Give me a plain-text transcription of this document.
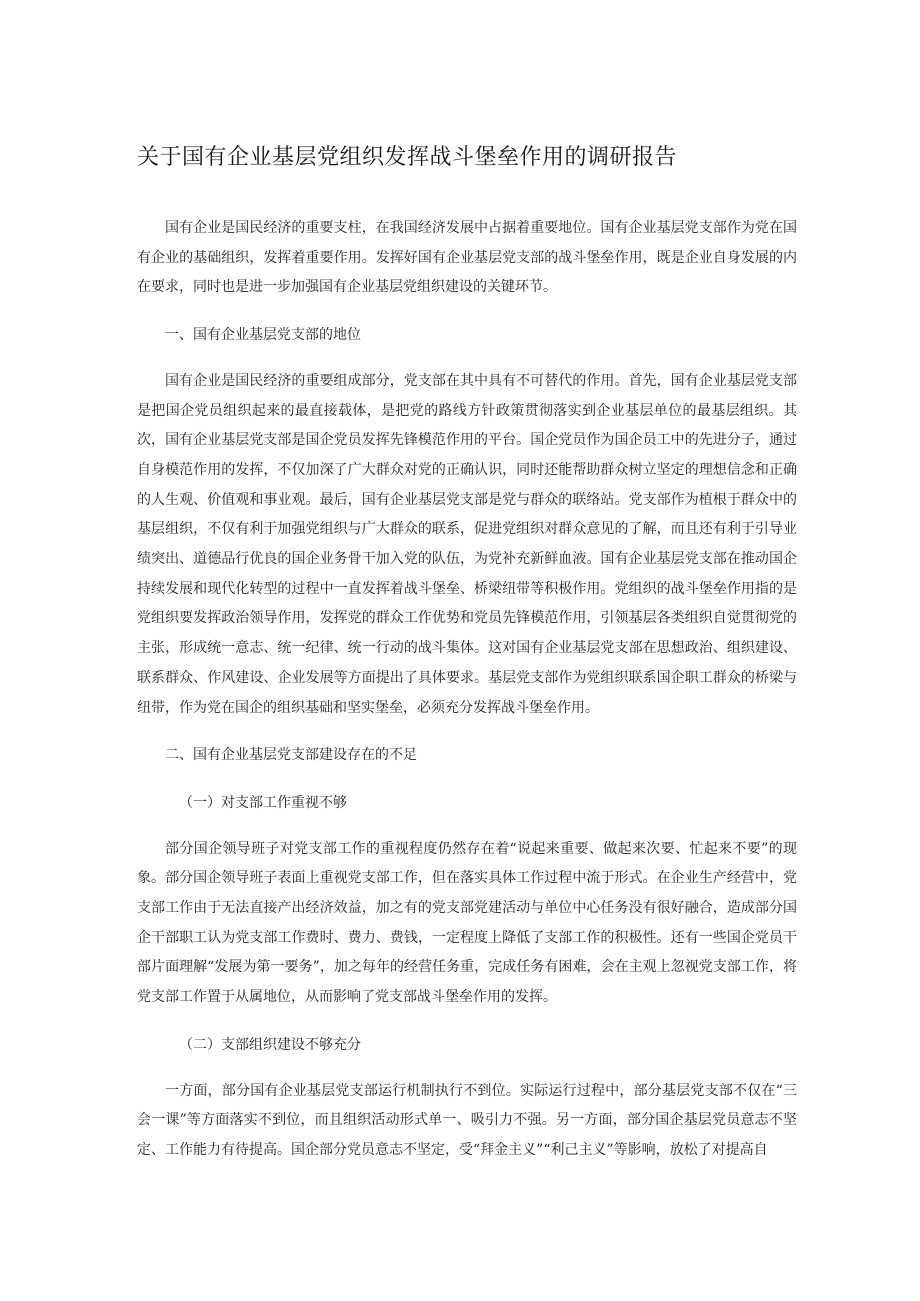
关于国有企业基层党组织发挥战斗堡垒作用的调研报告

国有企业是国民经济的重要支柱，在我国经济发展中占据着重要地位。国有企业基层党支部作为党在国有企业的基础组织，发挥着重要作用。发挥好国有企业基层党支部的战斗堡垒作用，既是企业自身发展的内在要求，同时也是进一步加强国有企业基层党组织建设的关键环节。

一、国有企业基层党支部的地位

国有企业是国民经济的重要组成部分，党支部在其中具有不可替代的作用。首先，国有企业基层党支部是把国企党员组织起来的最直接载体，是把党的路线方针政策贯彻落实到企业基层单位的最基层组织。其次，国有企业基层党支部是国企党员发挥先锋模范作用的平台。国企党员作为国企员工中的先进分子，通过自身模范作用的发挥，不仅加深了广大群众对党的正确认识，同时还能帮助群众树立坚定的理想信念和正确的人生观、价值观和事业观。最后，国有企业基层党支部是党与群众的联络站。党支部作为植根于群众中的基层组织，不仅有利于加强党组织与广大群众的联系，促进党组织对群众意见的了解，而且还有利于引导业绩突出、道德品行优良的国企业务骨干加入党的队伍，为党补充新鲜血液。国有企业基层党支部在推动国企持续发展和现代化转型的过程中一直发挥着战斗堡垒、桥梁纽带等积极作用。党组织的战斗堡垒作用指的是党组织要发挥政治领导作用，发挥党的群众工作优势和党员先锋模范作用，引领基层各类组织自觉贯彻党的主张，形成统一意志、统一纪律、统一行动的战斗集体。这对国有企业基层党支部在思想政治、组织建设、联系群众、作风建设、企业发展等方面提出了具体要求。基层党支部作为党组织联系国企职工群众的桥梁与纽带，作为党在国企的组织基础和坚实堡垒，必须充分发挥战斗堡垒作用。

二、国有企业基层党支部建设存在的不足

（一）对支部工作重视不够

部分国企领导班子对党支部工作的重视程度仍然存在着“说起来重要、做起来次要、忙起来不要”的现象。部分国企领导班子表面上重视党支部工作，但在落实具体工作过程中流于形式。在企业生产经营中，党支部工作由于无法直接产出经济效益，加之有的党支部党建活动与单位中心任务没有很好融合，造成部分国企干部职工认为党支部工作费时、费力、费钱，一定程度上降低了支部工作的积极性。还有一些国企党员干部片面理解“发展为第一要务”，加之每年的经营任务重，完成任务有困难，会在主观上忽视党支部工作，将党支部工作置于从属地位，从而影响了党支部战斗堡垒作用的发挥。

（二）支部组织建设不够充分

一方面，部分国有企业基层党支部运行机制执行不到位。实际运行过程中，部分基层党支部不仅在“三会一课”等方面落实不到位，而且组织活动形式单一、吸引力不强。另一方面，部分国企基层党员意志不坚定、工作能力有待提高。国企部分党员意志不坚定，受“拜金主义”“利己主义”等影响，放松了对提高自
